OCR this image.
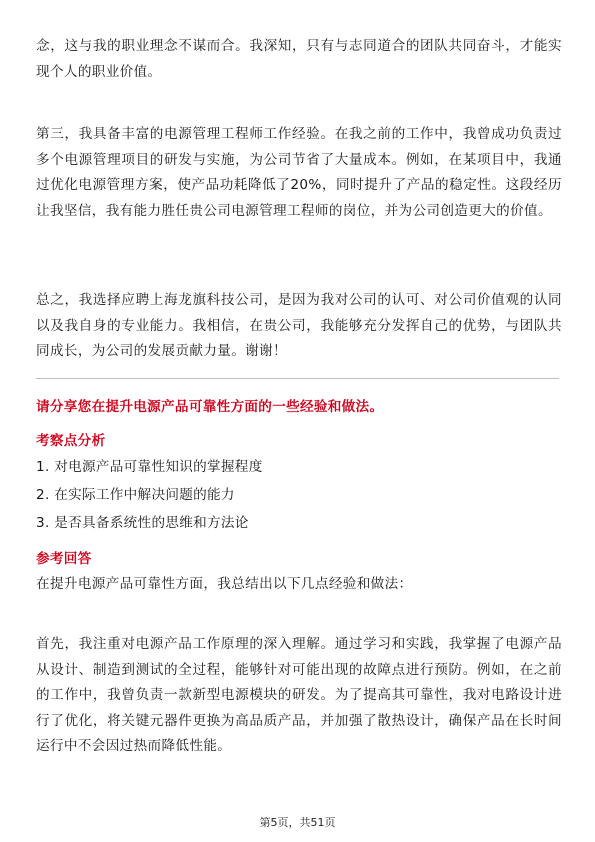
念，这与我的职业理念不谋而合。我深知，只有与志同道合的团队共同奋斗，才能实现个人的职业价值。

第三，我具备丰富的电源管理工程师工作经验。在我之前的工作中，我曾成功负责过多个电源管理项目的研发与实施，为公司节省了大量成本。例如，在某项目中，我通过优化电源管理方案，使产品功耗降低了20%，同时提升了产品的稳定性。这段经历让我坚信，我有能力胜任贵公司电源管理工程师的岗位，并为公司创造更大的价值。

总之，我选择应聘上海龙旗科技公司，是因为我对公司的认可、对公司价值观的认同以及我自身的专业能力。我相信，在贵公司，我能够充分发挥自己的优势，与团队共同成长，为公司的发展贡献力量。谢谢！

请分享您在提升电源产品可靠性方面的一些经验和做法。

考察点分析

1. 对电源产品可靠性知识的掌握程度

2. 在实际工作中解决问题的能力

3. 是否具备系统性的思维和方法论

参考回答

在提升电源产品可靠性方面，我总结出以下几点经验和做法：

首先，我注重对电源产品工作原理的深入理解。通过学习和实践，我掌握了电源产品从设计、制造到测试的全过程，能够针对可能出现的故障点进行预防。例如，在之前的工作中，我曾负责一款新型电源模块的研发。为了提高其可靠性，我对电路设计进行了优化，将关键元器件更换为高品质产品，并加强了散热设计，确保产品在长时间运行中不会因过热而降低性能。

第5页，共51页
